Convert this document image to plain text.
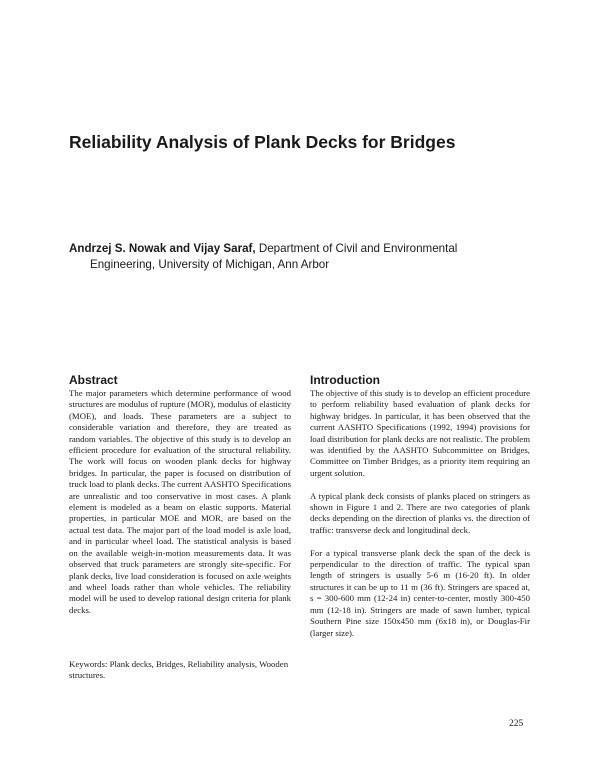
Reliability Analysis of Plank Decks for Bridges

Andrzej S. Nowak and Vijay Saraf, Department of Civil and Environmental
Engineering, University of Michigan, Ann Arbor

Abstract

The major parameters which determine performance of wood structures are modulus of rupture (MOR), modulus of elasticity (MOE), and loads. These parameters are a subject to considerable variation and therefore, they are treated as random variables. The objective of this study is to develop an efficient procedure for evaluation of the structural reliability. The work will focus on wooden plank decks for highway bridges. In particular, the paper is focused on distribution of truck load to plank decks. The current AASHTO Specifications are unrealistic and too conservative in most cases. A plank element is modeled as a beam on elastic supports. Material properties, in particular MOE and MOR, are based on the actual test data. The major part of the load model is axle load, and in particular wheel load. The statistical analysis is based on the available weigh-in-motion measurements data. It was observed that truck parameters are strongly site-specific. For plank decks, live load consideration is focused on axle weights and wheel loads rather than whole vehicles. The reliability model will be used to develop rational design criteria for plank decks.

Keywords: Plank decks, Bridges, Reliability analysis, Wooden structures.

Introduction

The objective of this study is to develop an efficient procedure to perform reliability based evaluation of plank decks for highway bridges. In particular, it has been observed that the current AASHTO Specifications (1992, 1994) provisions for load distribution for plank decks are not realistic. The problem was identified by the AASHTO Subcommittee on Bridges, Committee on Timber Bridges, as a priority item requiring an urgent solution.

A typical plank deck consists of planks placed on stringers as shown in Figure 1 and 2. There are two categories of plank decks depending on the direction of planks vs. the direction of traffic: transverse deck and longitudinal deck.

For a typical transverse plank deck the span of the deck is perpendicular to the direction of traffic. The typical span length of stringers is usually 5-6 m (16-20 ft). In older structures it can be up to 11 m (36 ft). Stringers are spaced at, s = 300-600 mm (12-24 in) center-to-center, mostly 300-450 mm (12-18 in). Stringers are made of sawn lumber, typical Southern Pine size 150x450 mm (6x18 in), or Douglas-Fir (larger size).

225
